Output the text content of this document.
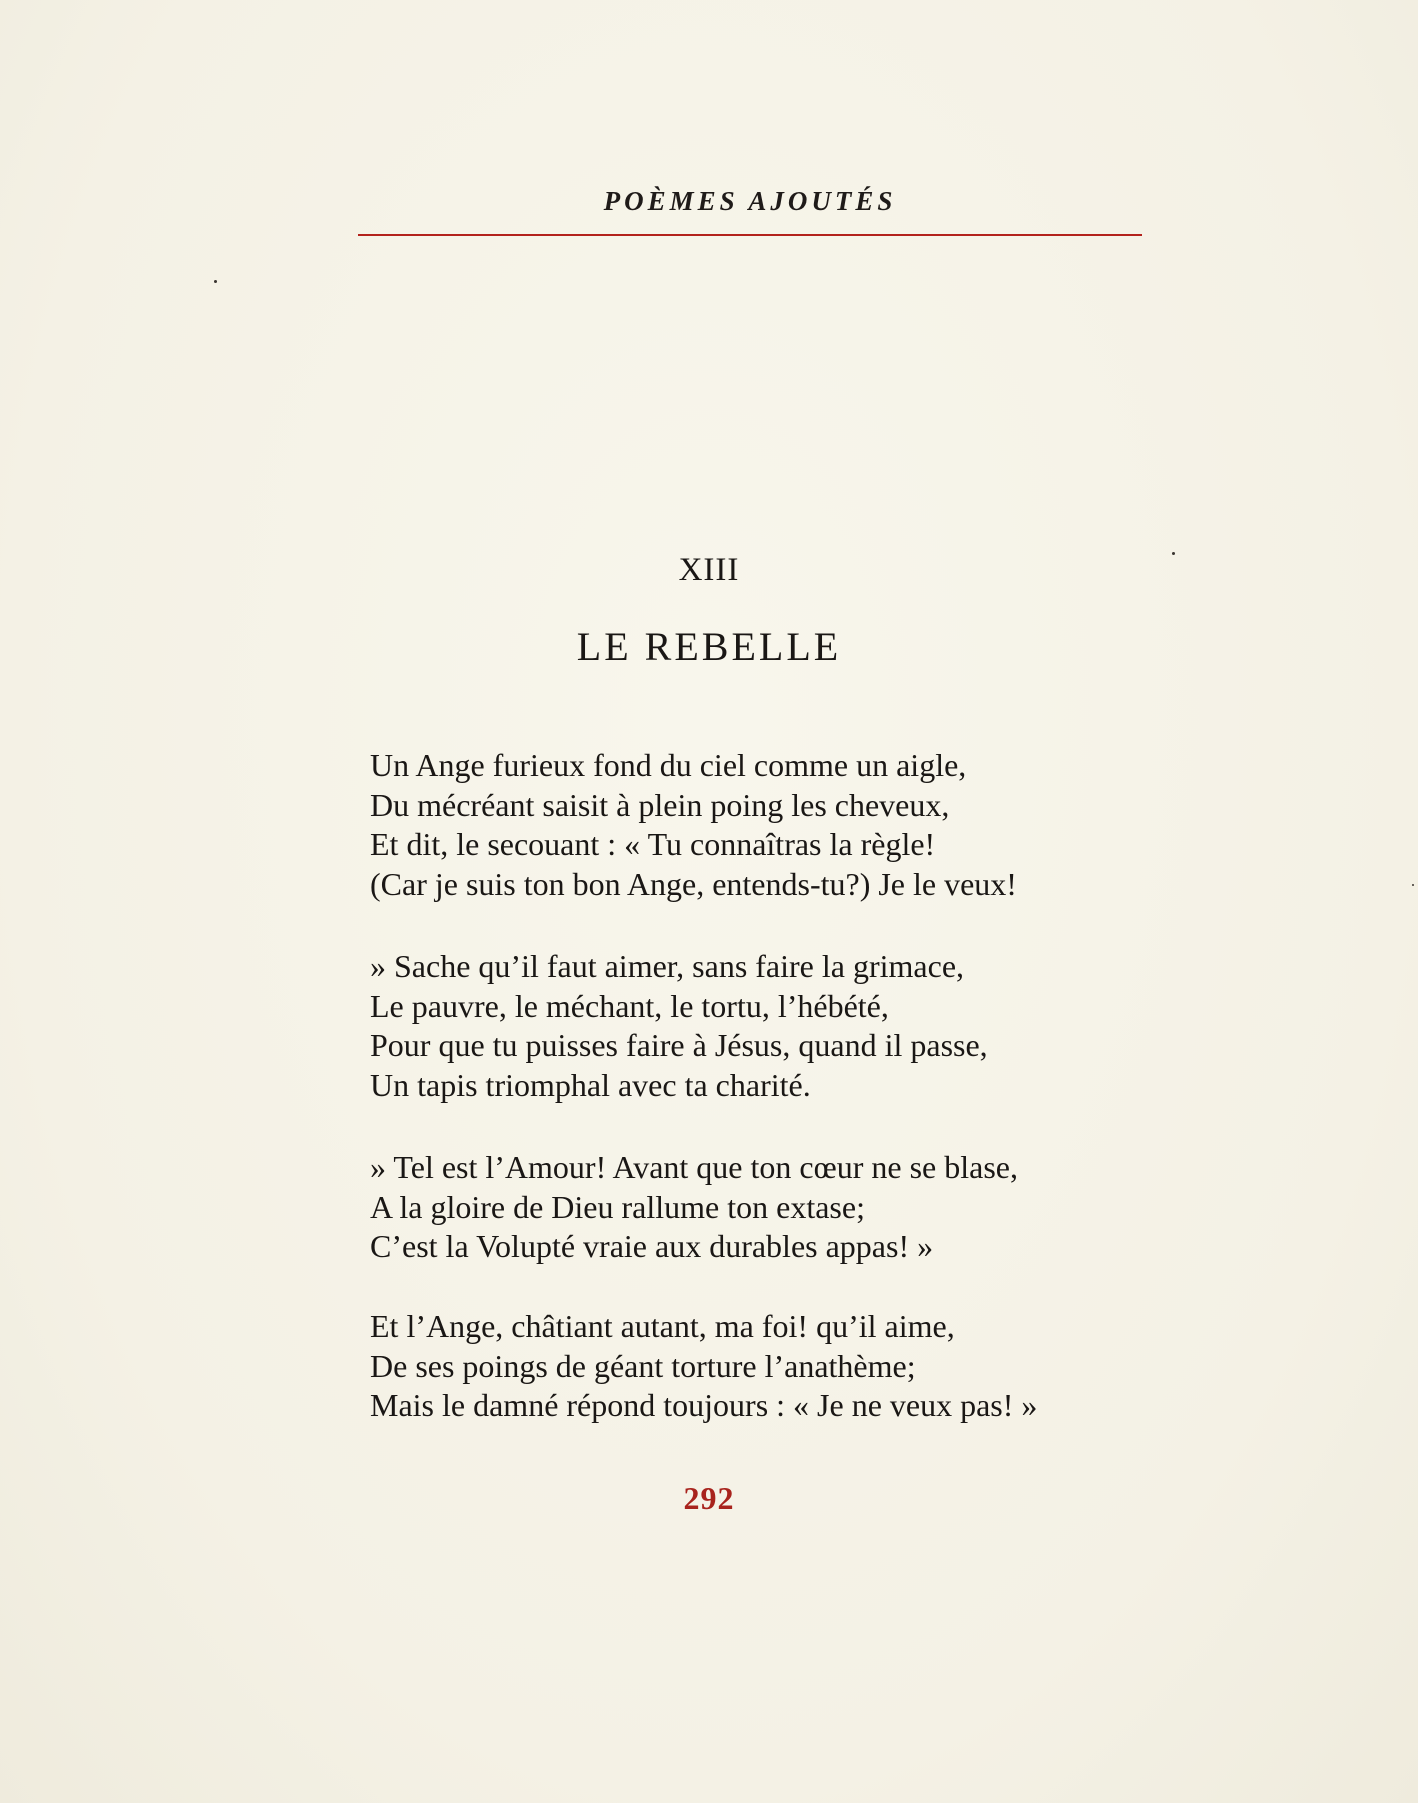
POÈMES AJOUTÉS
XIII
LE REBELLE
Un Ange furieux fond du ciel comme un aigle,
Du mécréant saisit à plein poing les cheveux,
Et dit, le secouant : « Tu connaîtras la règle!
(Car je suis ton bon Ange, entends-tu?) Je le veux!
» Sache qu’il faut aimer, sans faire la grimace,
Le pauvre, le méchant, le tortu, l’hébété,
Pour que tu puisses faire à Jésus, quand il passe,
Un tapis triomphal avec ta charité.
» Tel est l’Amour! Avant que ton cœur ne se blase,
A la gloire de Dieu rallume ton extase;
C’est la Volupté vraie aux durables appas! »
Et l’Ange, châtiant autant, ma foi! qu’il aime,
De ses poings de géant torture l’anathème;
Mais le damné répond toujours : « Je ne veux pas! »
292
